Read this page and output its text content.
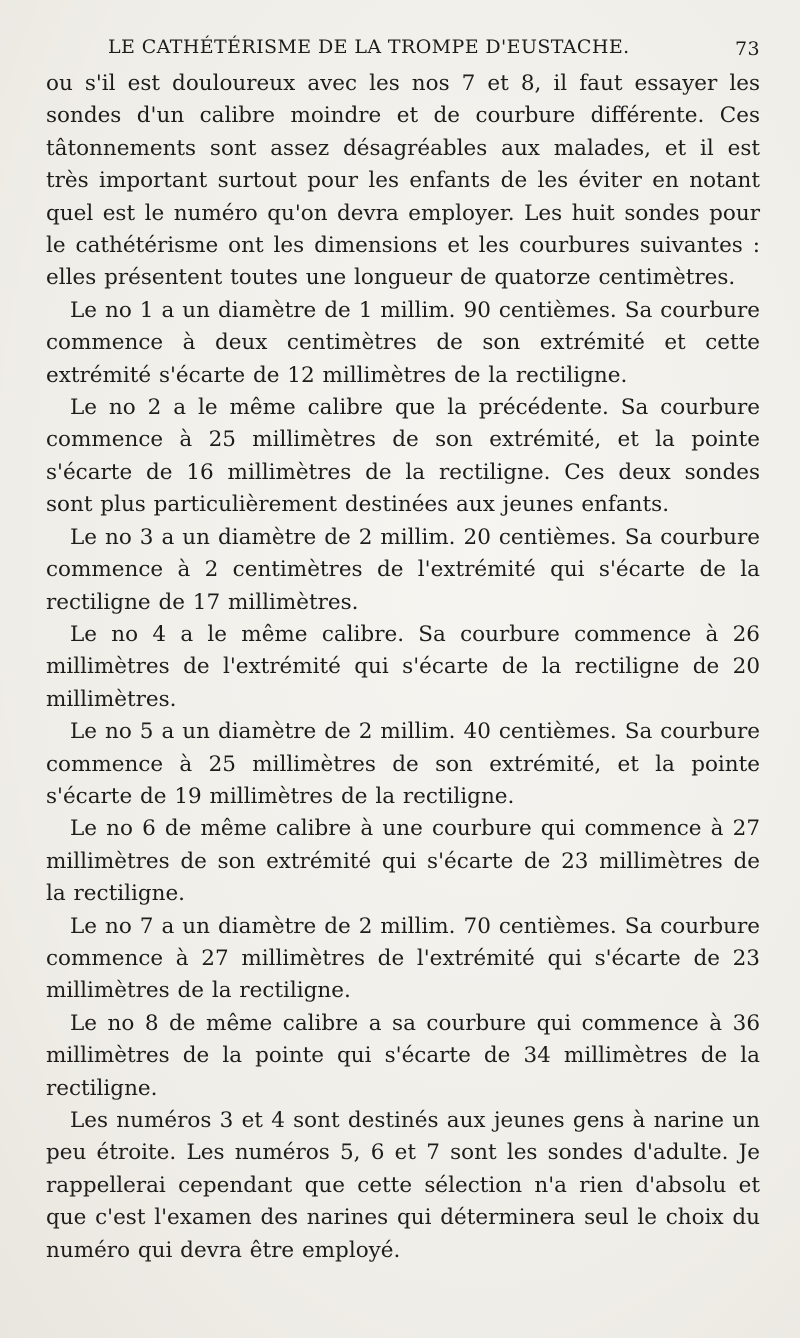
LE CATHÉTÉRISME DE LA TROMPE D'EUSTACHE.	73

ou s'il est douloureux avec les nos 7 et 8, il faut essayer les sondes d'un calibre moindre et de courbure différente. Ces tâtonnements sont assez désagréables aux malades, et il est très important surtout pour les enfants de les éviter en notant quel est le numéro qu'on devra employer. Les huit sondes pour le cathétérisme ont les dimensions et les courbures suivantes : elles présentent toutes une longueur de quatorze centimètres.

Le no 1 a un diamètre de 1 millim. 90 centièmes. Sa courbure commence à deux centimètres de son extrémité et cette extrémité s'écarte de 12 millimètres de la rectiligne.

Le no 2 a le même calibre que la précédente. Sa courbure commence à 25 millimètres de son extrémité, et la pointe s'écarte de 16 millimètres de la rectiligne. Ces deux sondes sont plus particulièrement destinées aux jeunes enfants.

Le no 3 a un diamètre de 2 millim. 20 centièmes. Sa courbure commence à 2 centimètres de l'extrémité qui s'écarte de la rectiligne de 17 millimètres.

Le no 4 a le même calibre. Sa courbure commence à 26 millimètres de l'extrémité qui s'écarte de la rectiligne de 20 millimètres.

Le no 5 a un diamètre de 2 millim. 40 centièmes. Sa courbure commence à 25 millimètres de son extrémité, et la pointe s'écarte de 19 millimètres de la rectiligne.

Le no 6 de même calibre à une courbure qui commence à 27 millimètres de son extrémité qui s'écarte de 23 millimètres de la rectiligne.

Le no 7 a un diamètre de 2 millim. 70 centièmes. Sa courbure commence à 27 millimètres de l'extrémité qui s'écarte de 23 millimètres de la rectiligne.

Le no 8 de même calibre a sa courbure qui commence à 36 millimètres de la pointe qui s'écarte de 34 millimètres de la rectiligne.

Les numéros 3 et 4 sont destinés aux jeunes gens à narine un peu étroite. Les numéros 5, 6 et 7 sont les sondes d'adulte. Je rappellerai cependant que cette sélection n'a rien d'absolu et que c'est l'examen des narines qui déterminera seul le choix du numéro qui devra être employé.
